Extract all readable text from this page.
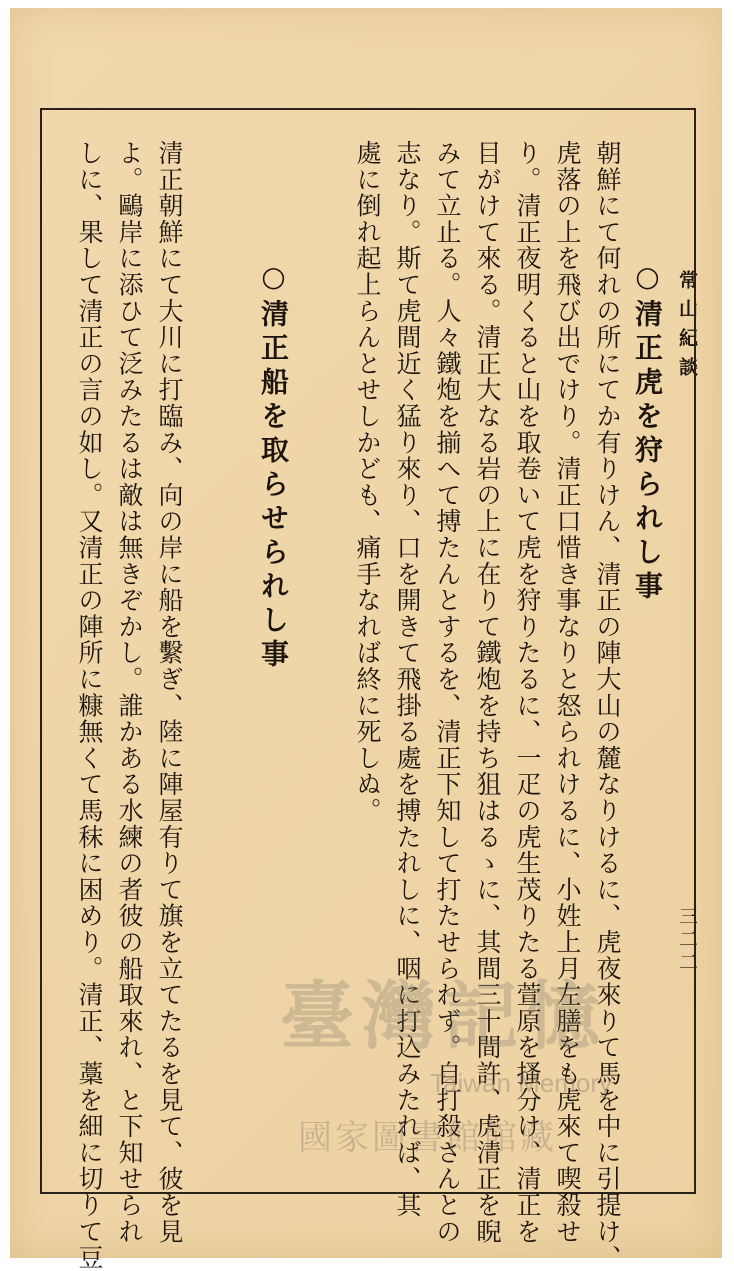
常山紀談
三二二
○清正虎を狩られし事
朝鮮にて何れの所にてか有りけん、清正の陣大山の麓なりけるに、虎夜來りて馬を中に引提け、
虎落の上を飛び出でけり。清正口惜き事なりと怒られけるに、小姓上月左膳をも虎來て喫殺せ
り。清正夜明くると山を取卷いて虎を狩りたるに、一疋の虎生茂りたる萱原を搔分け、清正を
目がけて來る。清正大なる岩の上に在りて鐵炮を持ち狙はるゝに、其間三十間許、虎清正を睨
みて立止る。人々鐵炮を揃へて搏たんとするを、清正下知して打たせられず。自打殺さんとの
志なり。斯て虎間近く猛り來り、口を開きて飛掛る處を搏たれしに、咽に打込みたれば、其
處に倒れ起上らんとせしかども、痛手なれば終に死しぬ。
○清正船を取らせられし事
清正朝鮮にて大川に打臨み、向の岸に船を繫ぎ、陸に陣屋有りて旗を立てたるを見て、彼を見
よ。鷗岸に添ひて泛みたるは敵は無きぞかし。誰かある水練の者彼の船取來れ、と下知せられ
しに、果して清正の言の如し。又清正の陣所に糠無くて馬秣に困めり。清正、藁を細に切りて豆 臺灣記憶
Taiwan Memory
國家圖書館館藏
